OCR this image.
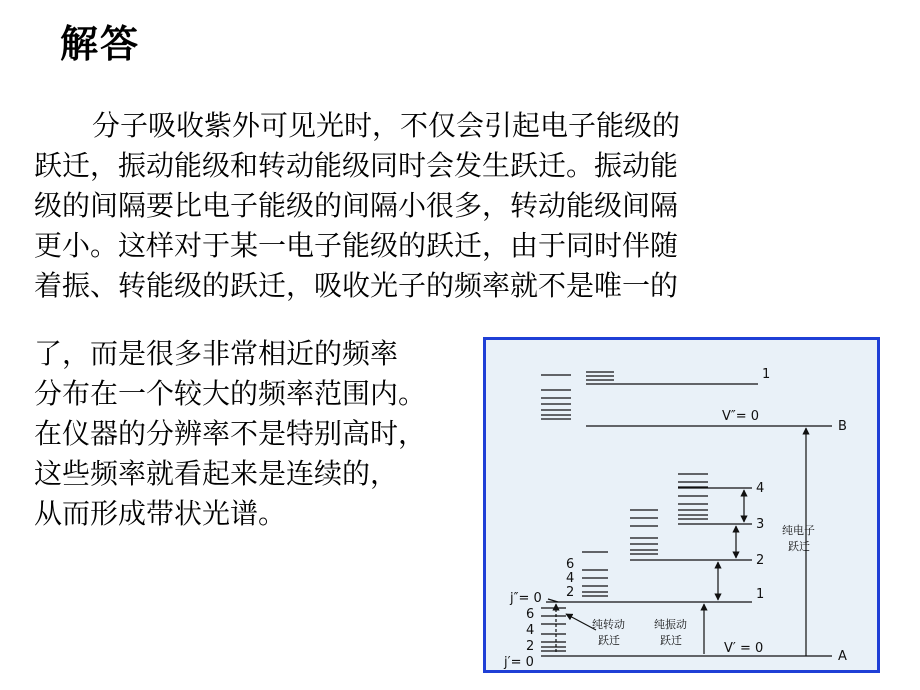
解答
分子吸收紫外可见光时，不仅会引起电子能级的
跃迁，振动能级和转动能级同时会发生跃迁。振动能
级的间隔要比电子能级的间隔小很多，转动能级间隔
更小。这样对于某一电子能级的跃迁，由于同时伴随
着振、转能级的跃迁，吸收光子的频率就不是唯一的
了，而是很多非常相近的频率
分布在一个较大的频率范围内。
在仪器的分辨率不是特别高时，
这些频率就看起来是连续的，
从而形成带状光谱。
1
V″= 0
B
4
3
2
1
V′ = 0
A
6
4
2
j″= 0
6
4
2
j′= 0
纯电子
跃迁
纯转动
跃迁
纯振动
跃迁
